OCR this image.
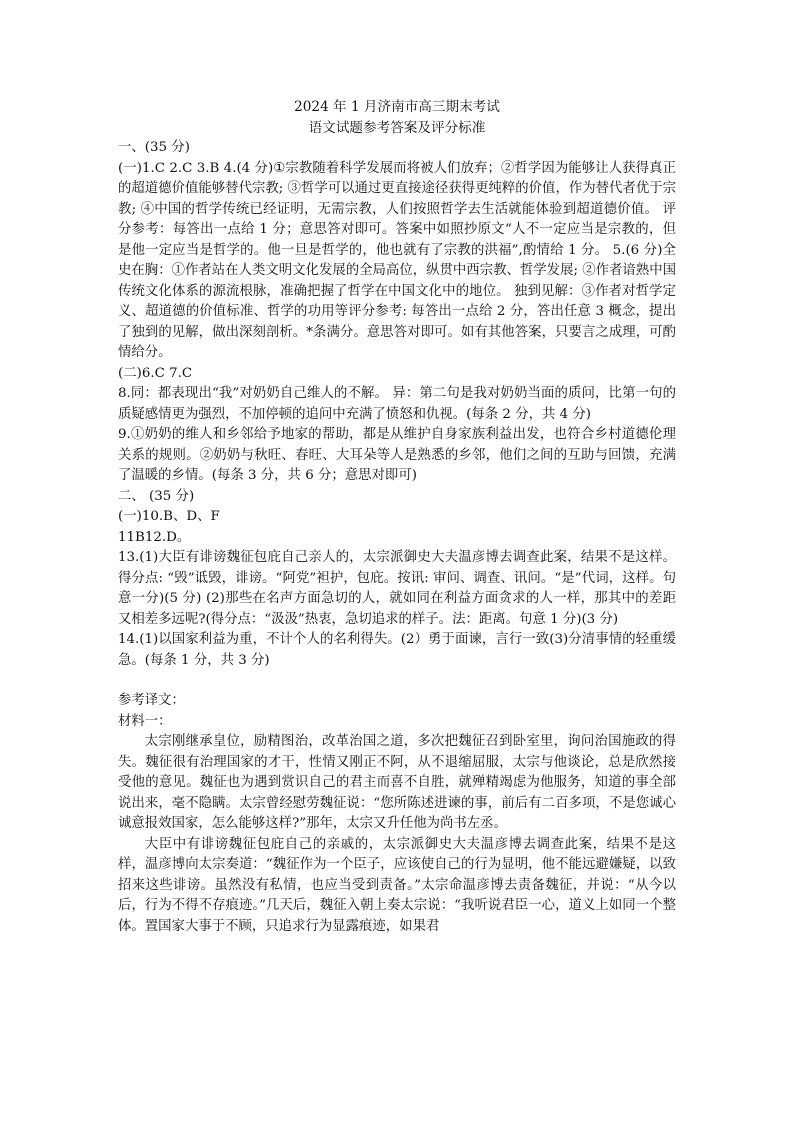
2024 年 1 月济南市高三期末考试

语文试题参考答案及评分标准

一、(35 分)

(一)1.C 2.C 3.B 4.(4 分)①宗教随着科学发展而将被人们放弃；②哲学因为能够让人获得真正的超道德价值能够替代宗教; ③哲学可以通过更直接途径获得更纯粹的价值，作为替代者优于宗教; ④中国的哲学传统已经证明，无需宗教，人们按照哲学去生活就能体验到超道德价值。 评分参考：每答出一点给 1 分；意思答对即可。答案中如照抄原文“人不一定应当是宗教的，但是他一定应当是哲学的。他一旦是哲学的，他也就有了宗教的洪福”,酌情给 1 分。 5.(6 分)全史在胸：①作者站在人类文明文化发展的全局高位，纵贯中西宗教、哲学发展; ②作者谙熟中国传统文化体系的源流根脉，准确把握了哲学在中国文化中的地位。 独到见解：③作者对哲学定义、超道德的价值标准、哲学的功用等评分参考: 每答出一点给 2 分，答出任意 3 概念，提出了独到的见解，做出深刻剖析。*条满分。意思答对即可。如有其他答案，只要言之成理，可酌情给分。

(二)6.C 7.C

8.同：都表现出“我”对奶奶自己维人的不解。 异：第二句是我对奶奶当面的质问，比第一句的质疑感情更为强烈，不加停顿的追问中充满了愤怒和仇视。(每条 2 分，共 4 分)

9.①奶奶的维人和乡邻给予地家的帮助，都是从维护自身家族利益出发，也符合乡村道德伦理关系的规则。②奶奶与秋旺、春旺、大耳朵等人是熟悉的乡邻，他们之间的互助与回馈，充满了温暖的乡情。(每条 3 分，共 6 分；意思对即可)

二、 (35 分)

(一)10.B、D、F

11B12.D。

13.(1)大臣有诽谤魏征包庇自己亲人的，太宗派御史大夫温彦博去调查此案，结果不是这样。 得分点: “毁”诋毁，诽谤。“阿党”袒护，包庇。按讯: 审问、调查、讯问。“是”代词，这样。句意一分)(5 分) (2)那些在名声方面急切的人，就如同在利益方面贪求的人一样，那其中的差距又相差多远呢?(得分点：“汲汲”热衷，急切追求的样子。法：距离。句意 1 分)(3 分)

14.(1)以国家利益为重，不计个人的名利得失。(2）勇于面谏，言行一致(3)分清事情的轻重缓急。(每条 1 分，共 3 分)

参考译文：

材料一：

太宗刚继承皇位，励精图治，改革治国之道，多次把魏征召到卧室里，询问治国施政的得失。魏征很有治理国家的才干，性情又刚正不阿，从不退缩屈服，太宗与他谈论，总是欣然接受他的意见。魏征也为遇到赏识自己的君主而喜不自胜，就殚精竭虑为他服务，知道的事全部说出来，毫不隐瞒。太宗曾经慰劳魏征说：“您所陈述进谏的事，前后有二百多项，不是您诚心诚意报效国家，怎么能够这样?”那年，太宗又升任他为尚书左丞。

大臣中有诽谤魏征包庇自己的亲戚的，太宗派御史大夫温彦博去调查此案，结果不是这样，温彦博向太宗奏道：“魏征作为一个臣子，应该使自己的行为显明，他不能远避嫌疑，以致招来这些诽谤。虽然没有私情，也应当受到责备。”太宗命温彦博去责备魏征，并说：“从今以后，行为不得不存痕迹。”几天后，魏征入朝上奏太宗说：“我听说君臣一心，道义上如同一个整体。置国家大事于不顾，只追求行为显露痕迹，如果君
